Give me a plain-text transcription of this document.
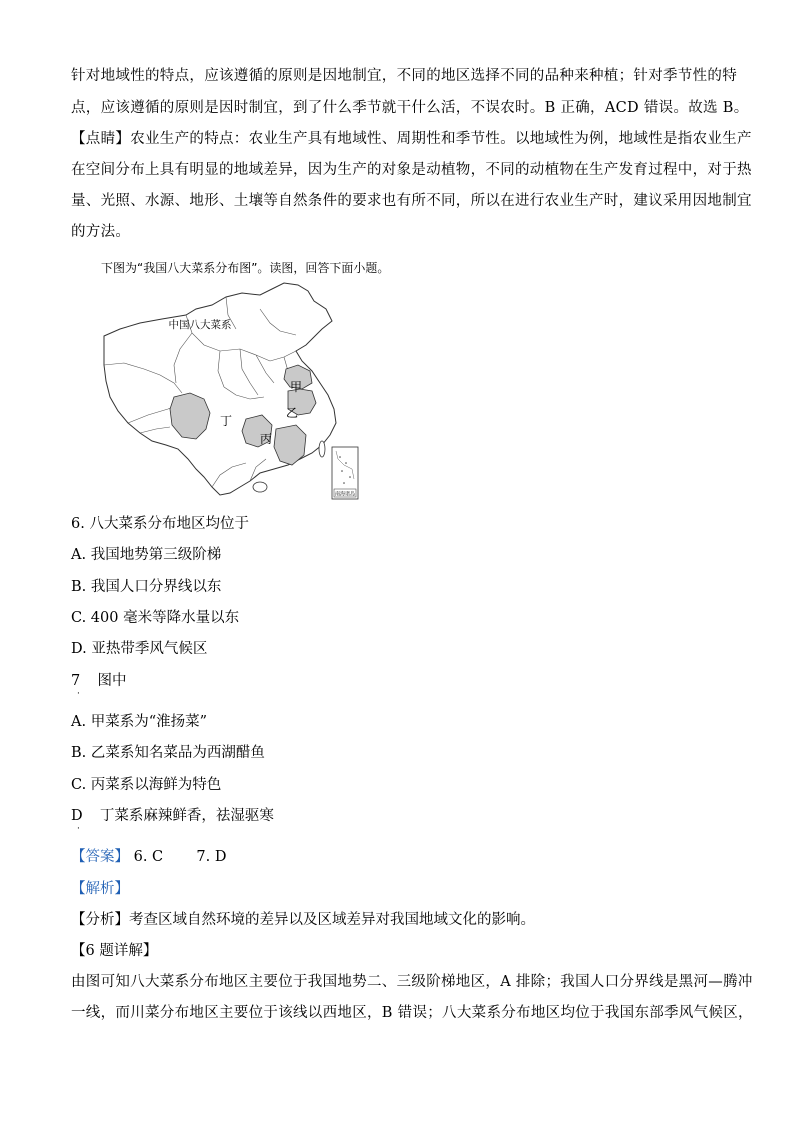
针对地域性的特点，应该遵循的原则是因地制宜，不同的地区选择不同的品种来种植；针对季节性的特
点，应该遵循的原则是因时制宜，到了什么季节就干什么活，不误农时。B 正确，ACD 错误。故选 B。
【点睛】农业生产的特点：农业生产具有地域性、周期性和季节性。以地域性为例，地域性是指农业生产
在空间分布上具有明显的地域差异，因为生产的对象是动植物，不同的动植物在生产发育过程中，对于热
量、光照、水源、地形、土壤等自然条件的要求也有所不同，所以在进行农业生产时，建议采用因地制宜
的方法。
下图为“我国八大菜系分布图”。读图，回答下面小题。
南海诸岛
中国八大菜系
甲
乙
丙
丁
6. 八大菜系分布地区均位于
A. 我国地势第三级阶梯
B. 我国人口分界线以东
C. 400 毫米等降水量以东
D. 亚热带季风气候区
7 图中
·
A. 甲菜系为“淮扬菜”
B. 乙菜系知名菜品为西湖醋鱼
C. 丙菜系以海鲜为特色
D 丁菜系麻辣鲜香，祛湿驱寒
·
【答案】 6. C 7. D
【解析】
【分析】考查区域自然环境的差异以及区域差异对我国地域文化的影响。
【6 题详解】
由图可知八大菜系分布地区主要位于我国地势二、三级阶梯地区，A 排除；我国人口分界线是黑河—腾冲
一线，而川菜分布地区主要位于该线以西地区，B 错误；八大菜系分布地区均位于我国东部季风气候区，
